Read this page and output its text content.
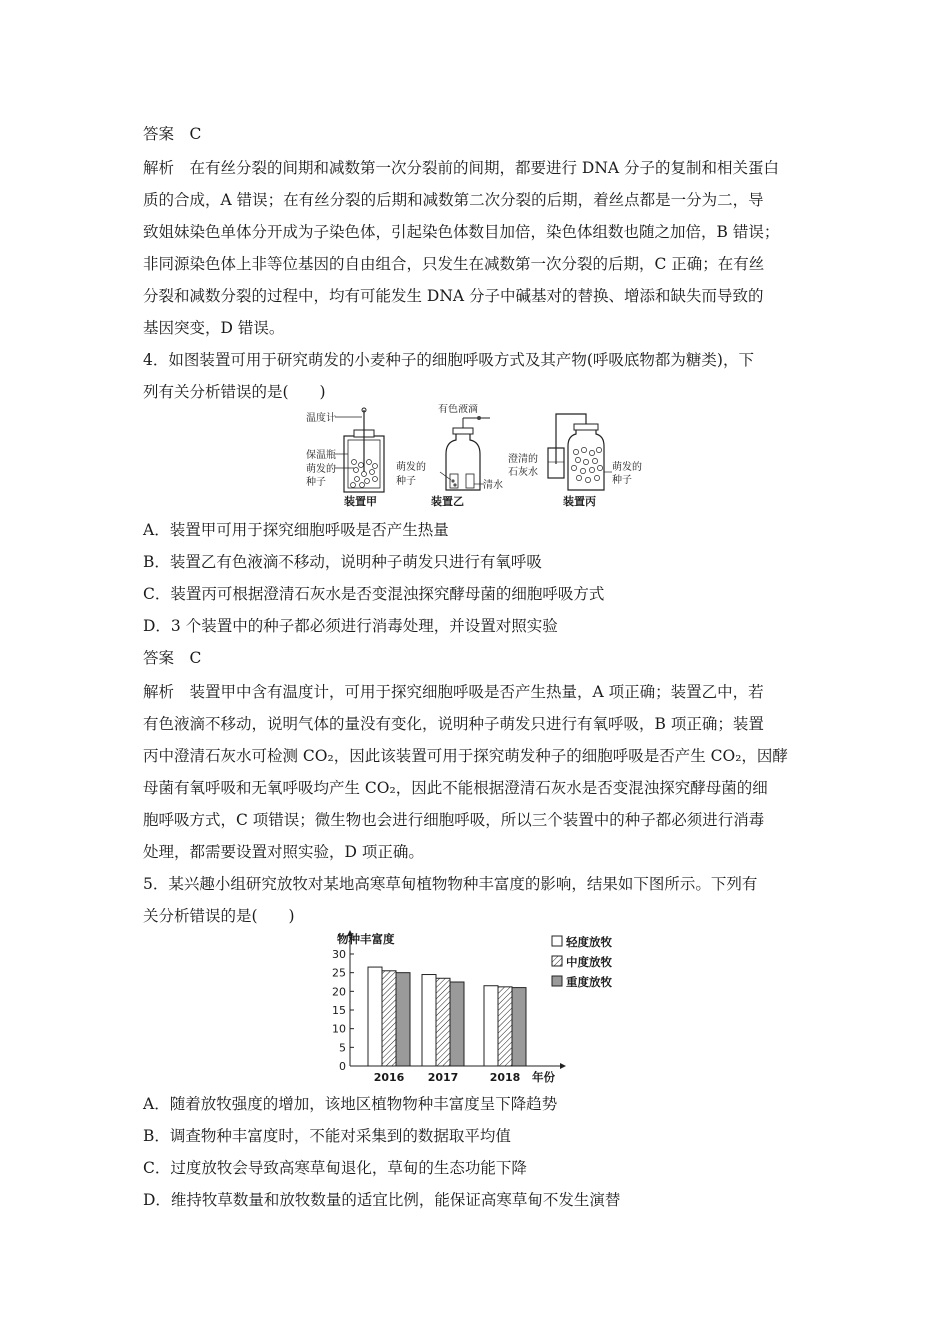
答案　C
解析　在有丝分裂的间期和减数第一次分裂前的间期，都要进行 DNA 分子的复制和相关蛋白
质的合成，A 错误；在有丝分裂的后期和减数第二次分裂的后期，着丝点都是一分为二，导
致姐妹染色单体分开成为子染色体，引起染色体数目加倍，染色体组数也随之加倍，B 错误；
非同源染色体上非等位基因的自由组合，只发生在减数第一次分裂的后期，C 正确；在有丝
分裂和减数分裂的过程中，均有可能发生 DNA 分子中碱基对的替换、增添和缺失而导致的
基因突变，D 错误。
4．如图装置可用于研究萌发的小麦种子的细胞呼吸方式及其产物(呼吸底物都为糖类)，下
列有关分析错误的是(　　)
温度计
保温瓶
萌发的
种子
装置甲
有色液滴
萌发的
种子	清水
装置乙
澄清的
石灰水	萌发的
种子
装置丙
A．装置甲可用于探究细胞呼吸是否产生热量
B．装置乙有色液滴不移动，说明种子萌发只进行有氧呼吸
C．装置丙可根据澄清石灰水是否变混浊探究酵母菌的细胞呼吸方式
D．3 个装置中的种子都必须进行消毒处理，并设置对照实验
答案　C
解析　装置甲中含有温度计，可用于探究细胞呼吸是否产生热量，A 项正确；装置乙中，若
有色液滴不移动，说明气体的量没有变化，说明种子萌发只进行有氧呼吸，B 项正确；装置
丙中澄清石灰水可检测 CO₂，因此该装置可用于探究萌发种子的细胞呼吸是否产生 CO₂，因酵
母菌有氧呼吸和无氧呼吸均产生 CO₂，因此不能根据澄清石灰水是否变混浊探究酵母菌的细
胞呼吸方式，C 项错误；微生物也会进行细胞呼吸，所以三个装置中的种子都必须进行消毒
处理，都需要设置对照实验，D 项正确。
5．某兴趣小组研究放牧对某地高寒草甸植物物种丰富度的影响，结果如下图所示。下列有
关分析错误的是(　　)
物种丰富度
年份
0
5
10
15
20
25
30
2016 2017	2018
轻度放牧
中度放牧
重度放牧
A．随着放牧强度的增加，该地区植物物种丰富度呈下降趋势
B．调查物种丰富度时，不能对采集到的数据取平均值
C．过度放牧会导致高寒草甸退化，草甸的生态功能下降
D．维持牧草数量和放牧数量的适宜比例，能保证高寒草甸不发生演替
